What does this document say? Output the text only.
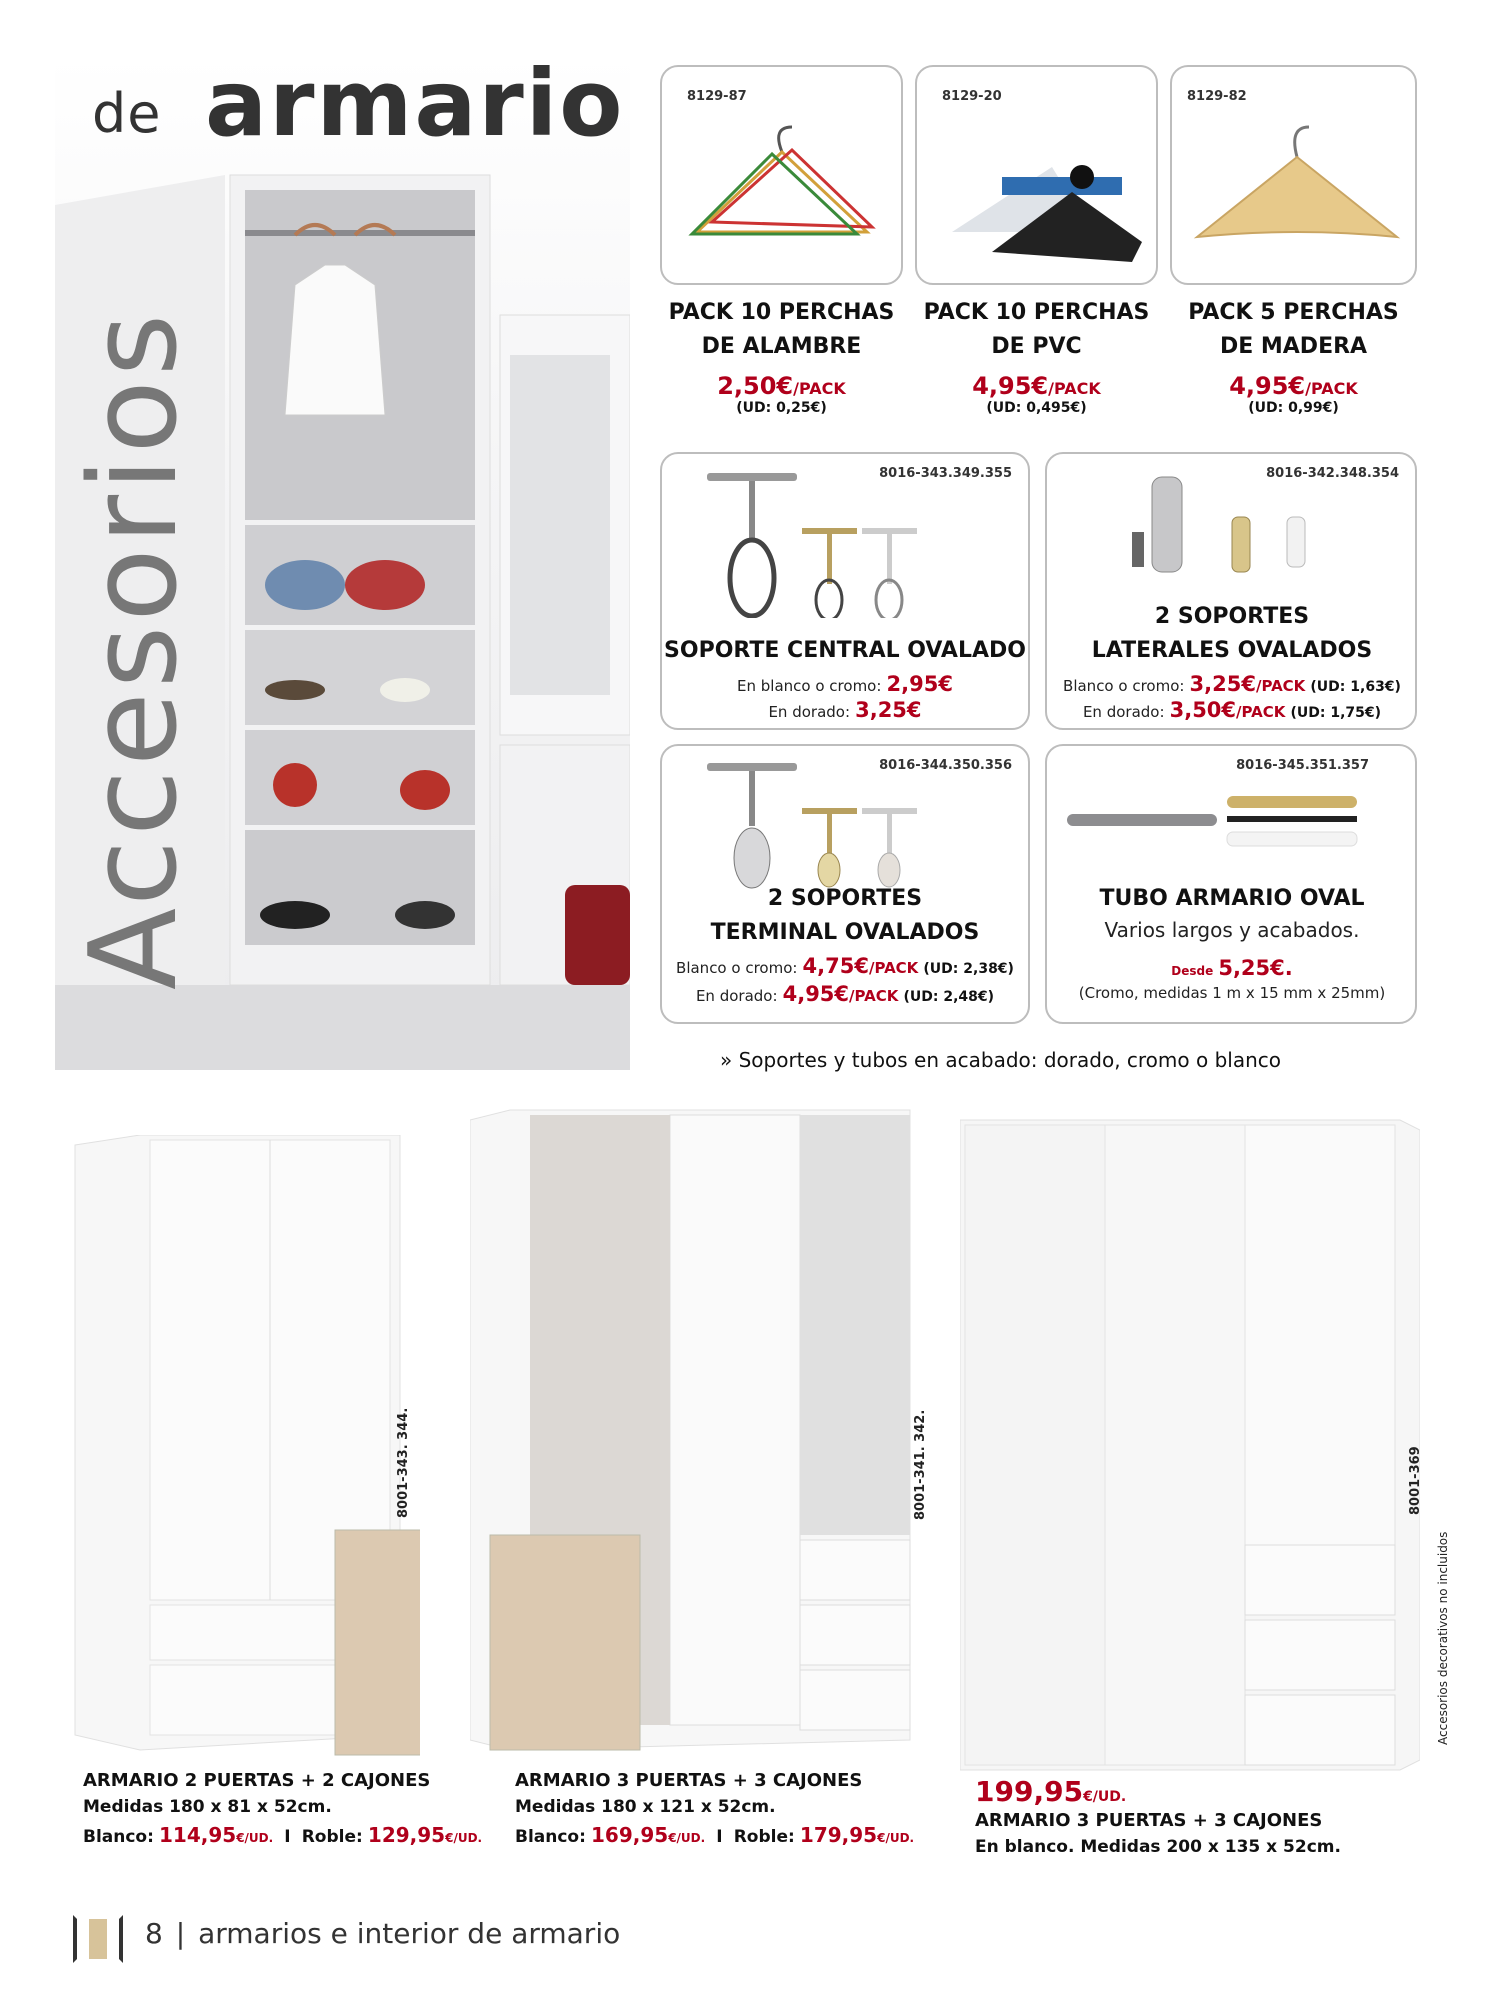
de armario
Accesorios
8129-87	8129-20	8129-82
PACK 10 PERCHAS
DE ALAMBRE
2,50€/PACK
(UD: 0,25€)
PACK 10 PERCHAS
DE PVC
4,95€/PACK
(UD: 0,495€)
PACK 5 PERCHAS
DE MADERA
4,95€/PACK
(UD: 0,99€)
8016-343.349.355
SOPORTE CENTRAL OVALADO
En blanco o cromo: 2,95€
En dorado: 3,25€
8016-342.348.354
2 SOPORTES
LATERALES OVALADOS
Blanco o cromo: 3,25€/PACK (UD: 1,63€)
En dorado: 3,50€/PACK (UD: 1,75€)
8016-344.350.356
2 SOPORTES
TERMINAL OVALADOS
Blanco o cromo: 4,75€/PACK (UD: 2,38€)
En dorado: 4,95€/PACK (UD: 2,48€)
8016-345.351.357
TUBO ARMARIO OVAL
Varios largos y acabados.
Desde 5,25€.
(Cromo, medidas 1 m x 15 mm x 25mm)
» Soportes y tubos en acabado: dorado, cromo o blanco
8001-343. 344.	8001-341. 342.	8001-369
Accesorios decorativos no incluidos
ARMARIO 2 PUERTAS + 2 CAJONES
Medidas 180 x 81 x 52cm.
Blanco: 114,95€/UD. I Roble: 129,95€/UD.
ARMARIO 3 PUERTAS + 3 CAJONES
Medidas 180 x 121 x 52cm.
Blanco: 169,95€/UD. I Roble: 179,95€/UD.
199,95€/UD.
ARMARIO 3 PUERTAS + 3 CAJONES
En blanco. Medidas 200 x 135 x 52cm.
8 | armarios e interior de armario
